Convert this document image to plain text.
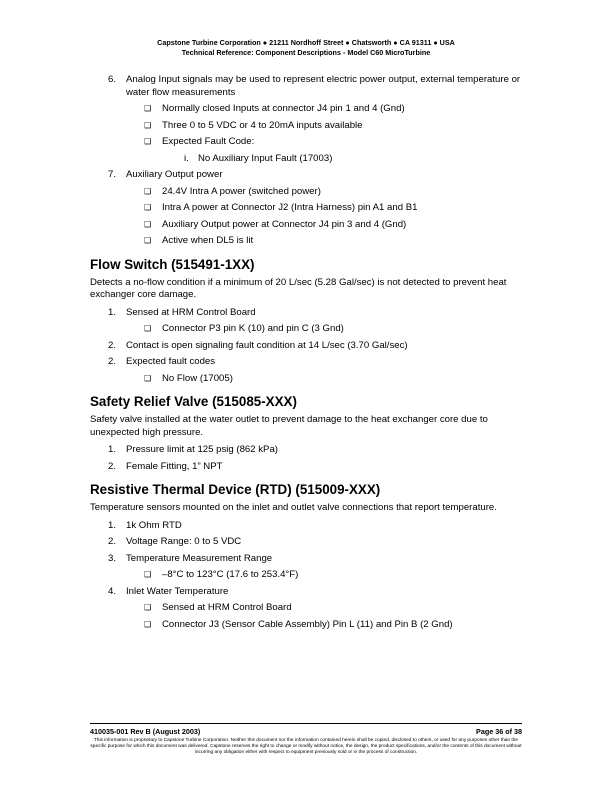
Capstone Turbine Corporation ● 21211 Nordhoff Street ● Chatsworth ● CA 91311 ● USA
Technical Reference: Component Descriptions - Model C60 MicroTurbine
6. Analog Input signals may be used to represent electric power output, external temperature or water flow measurements
❑ Normally closed Inputs at connector J4 pin 1 and 4 (Gnd)
❑ Three 0 to 5 VDC or 4 to 20mA inputs available
❑ Expected Fault Code:
i. No Auxiliary Input Fault (17003)
7. Auxiliary Output power
❑ 24.4V Intra A power (switched power)
❑ Intra A power at Connector J2 (Intra Harness) pin A1 and B1
❑ Auxiliary Output power at Connector J4 pin 3 and 4 (Gnd)
❑ Active when DL5 is lit
Flow Switch (515491-1XX)
Detects a no-flow condition if a minimum of 20 L/sec (5.28 Gal/sec) is not detected to prevent heat exchanger core damage.
1. Sensed at HRM Control Board
❑ Connector P3 pin K (10) and pin C (3 Gnd)
2. Contact is open signaling fault condition at 14 L/sec (3.70 Gal/sec)
2. Expected fault codes
❑ No Flow (17005)
Safety Relief Valve (515085-XXX)
Safety valve installed at the water outlet to prevent damage to the heat exchanger core due to unexpected high pressure.
1. Pressure limit at 125 psig (862 kPa)
2. Female Fitting, 1” NPT
Resistive Thermal Device (RTD) (515009-XXX)
Temperature sensors mounted on the inlet and outlet valve connections that report temperature.
1. 1k Ohm RTD
2. Voltage Range: 0 to 5 VDC
3. Temperature Measurement Range
❑ –8°C to 123°C (17.6 to 253.4°F)
4. Inlet Water Temperature
❑ Sensed at HRM Control Board
❑ Connector J3 (Sensor Cable Assembly) Pin L (11) and Pin B (2 Gnd)
410035-001 Rev B (August 2003)	Page 36 of 38
This information is proprietary to Capstone Turbine Corporation. Neither this document nor the information contained herein shall be copied, disclosed to others, or used for any purposes other than the specific purpose for which this document was delivered. Capstone reserves the right to change or modify without notice, the design, the product specifications, and/or the contents of this document without incurring any obligation either with respect to equipment previously sold or in the process of construction.
